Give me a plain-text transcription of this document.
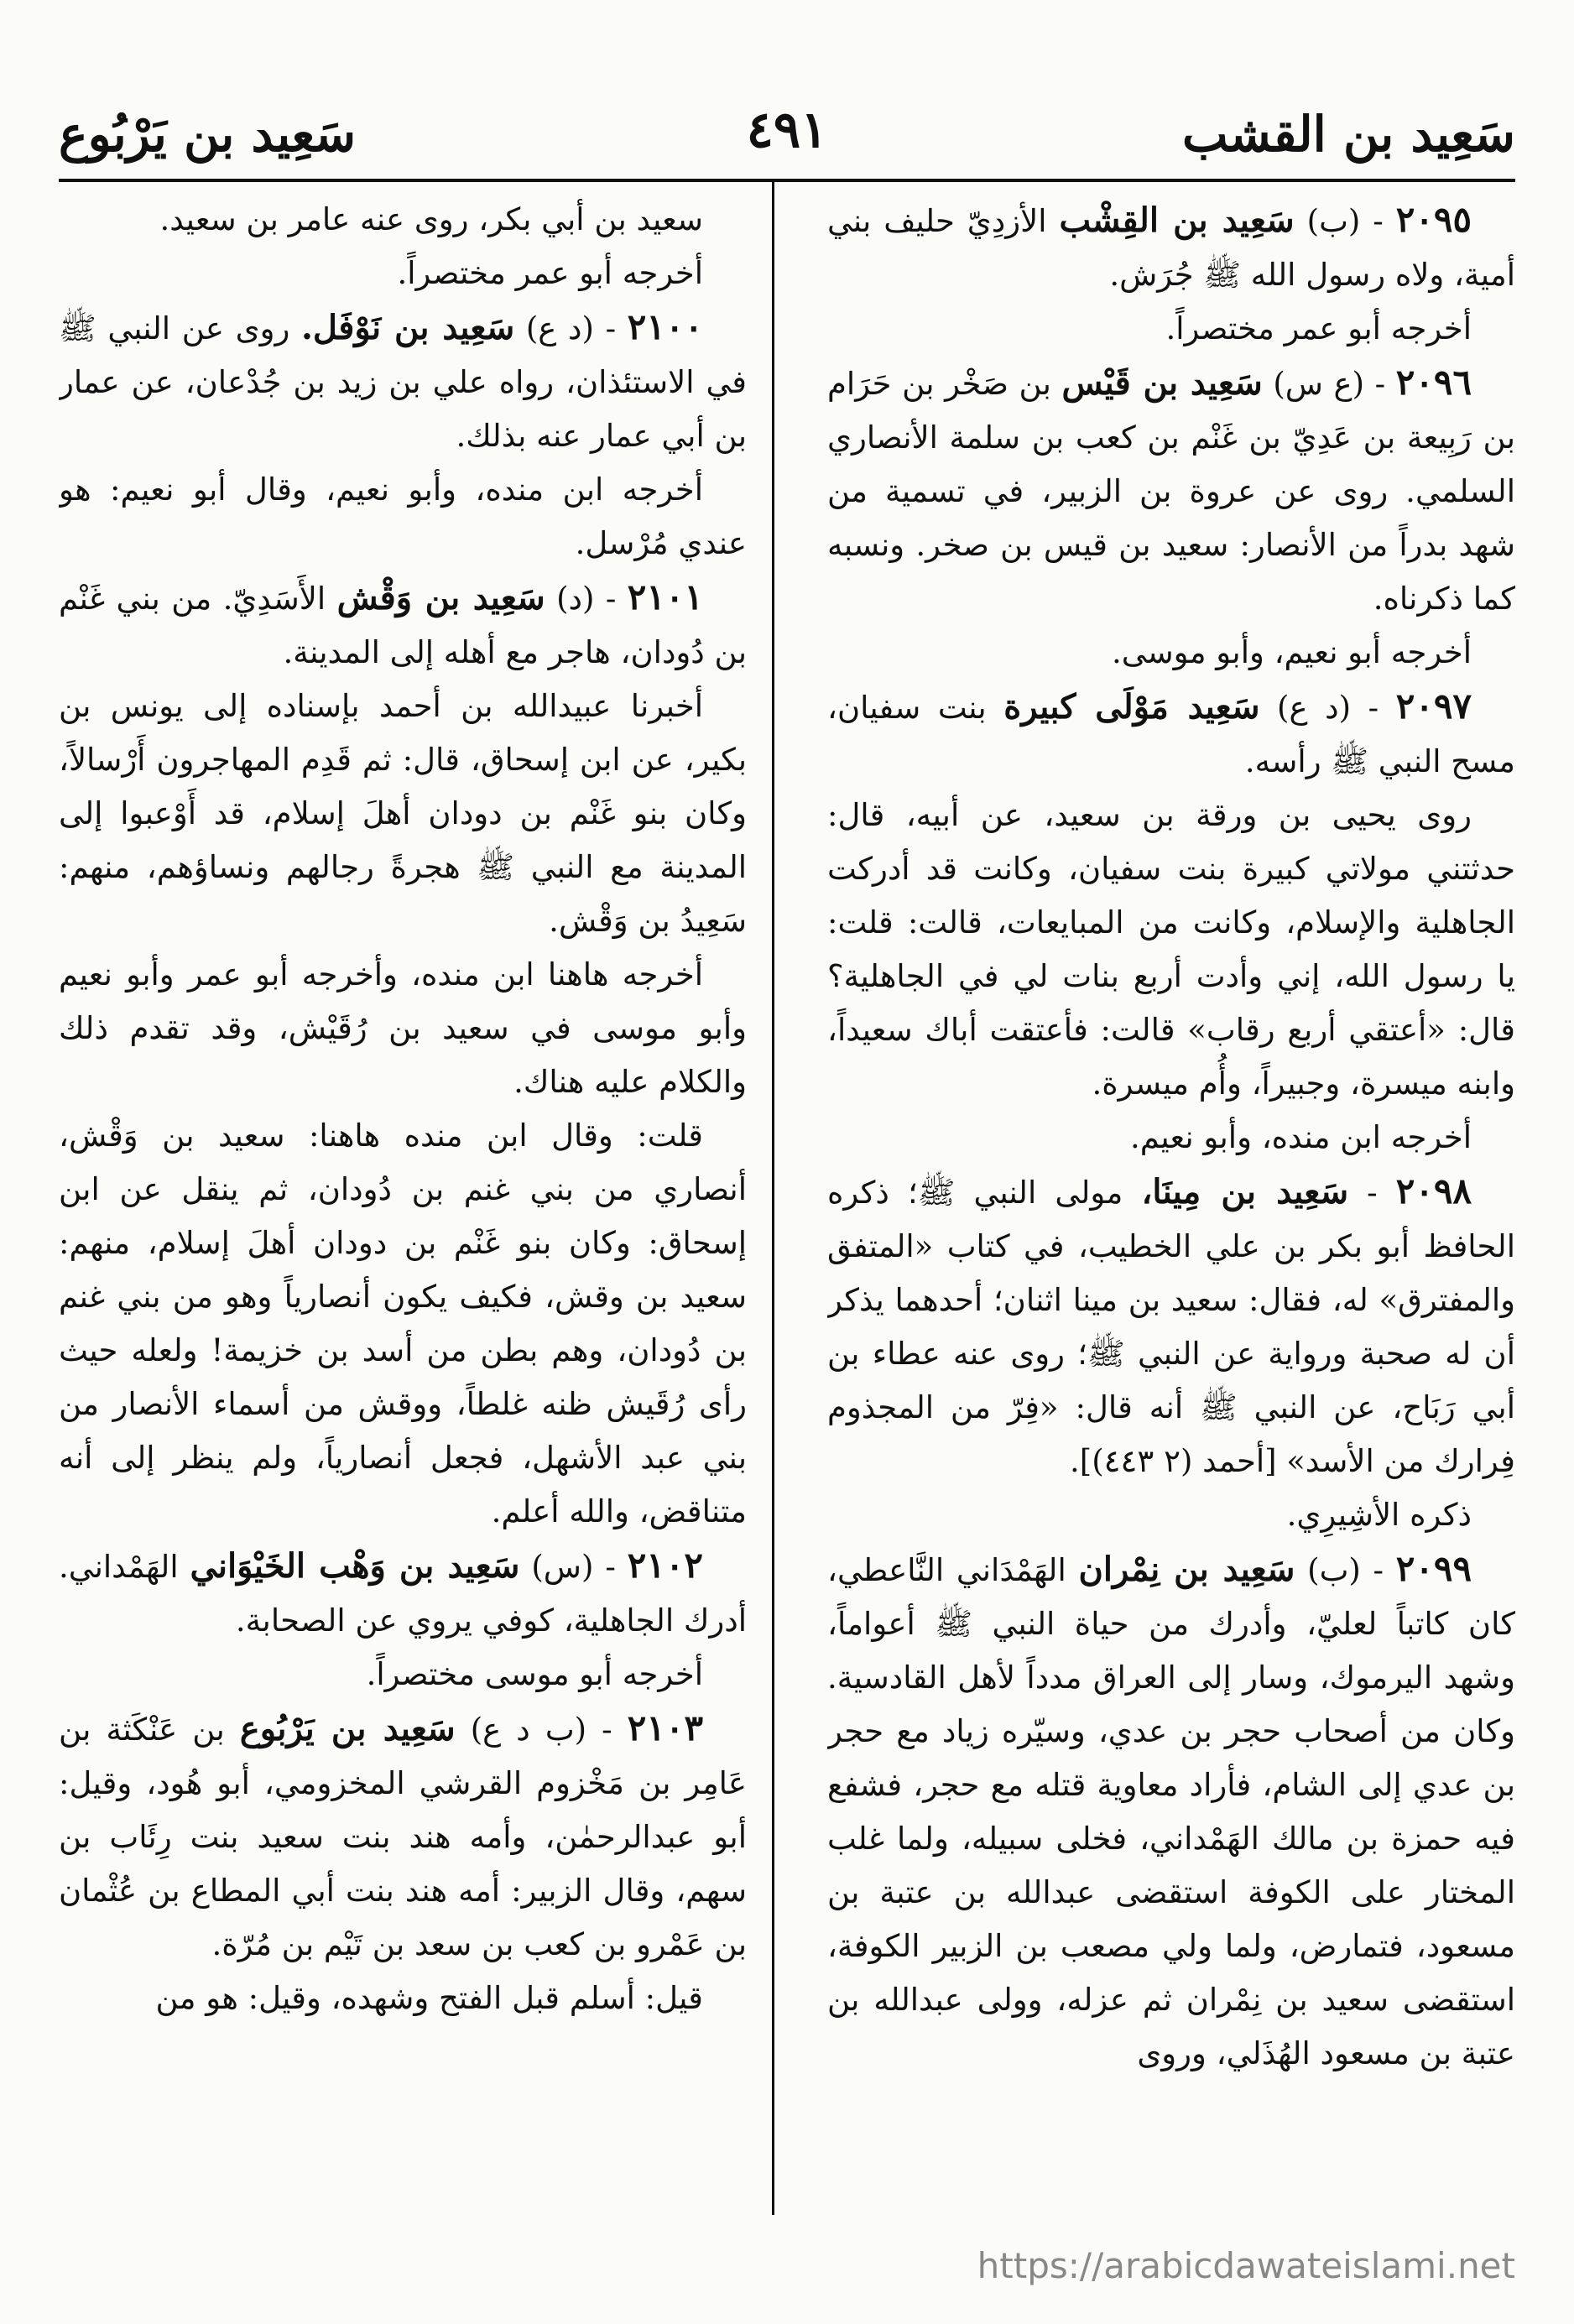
سَعِيد بن القشب
٤٩١
سَعِيد بن يَرْبُوع

٢٠٩٥ - (ب) سَعِيد بن القِشْب الأزدِيّ حليف بني أمية، ولاه رسول الله ﷺ جُرَش.

أخرجه أبو عمر مختصراً.

٢٠٩٦ - (ع س) سَعِيد بن قَيْس بن صَخْر بن حَرَام بن رَبِيعة بن عَدِيّ بن غَنْم بن كعب بن سلمة الأنصاري السلمي. روى عن عروة بن الزبير، في تسمية من شهد بدراً من الأنصار: سعيد بن قيس بن صخر. ونسبه كما ذكرناه.

أخرجه أبو نعيم، وأبو موسى.

٢٠٩٧ - (د ع) سَعِيد مَوْلَى كبيرة بنت سفيان، مسح النبي ﷺ رأسه.

روى يحيى بن ورقة بن سعيد، عن أبيه، قال: حدثتني مولاتي كبيرة بنت سفيان، وكانت قد أدركت الجاهلية والإسلام، وكانت من المبايعات، قالت: قلت: يا رسول الله، إني وأدت أربع بنات لي في الجاهلية؟ قال: «أعتقي أربع رقاب» قالت: فأعتقت أباك سعيداً، وابنه ميسرة، وجبيراً، وأُم ميسرة.

أخرجه ابن منده، وأبو نعيم.

٢٠٩٨ - سَعِيد بن مِينَا، مولى النبي ﷺ؛ ذكره الحافظ أبو بكر بن علي الخطيب، في كتاب «المتفق والمفترق» له، فقال: سعيد بن مينا اثنان؛ أحدهما يذكر أن له صحبة ورواية عن النبي ﷺ؛ روى عنه عطاء بن أبي رَبَاح، عن النبي ﷺ أنه قال: «فِرّ من المجذوم فِرارك من الأسد» [أحمد (٢ ٤٤٣)].

ذكره الأشِيرِي.

٢٠٩٩ - (ب) سَعِيد بن نِمْران الهَمْدَاني النَّاعطي، كان كاتباً لعليّ، وأدرك من حياة النبي ﷺ أعواماً، وشهد اليرموك، وسار إلى العراق مدداً لأهل القادسية. وكان من أصحاب حجر بن عدي، وسيّره زياد مع حجر بن عدي إلى الشام، فأراد معاوية قتله مع حجر، فشفع فيه حمزة بن مالك الهَمْداني، فخلى سبيله، ولما غلب المختار على الكوفة استقضى عبدالله بن عتبة بن مسعود، فتمارض، ولما ولي مصعب بن الزبير الكوفة، استقضى سعيد بن نِمْران ثم عزله، وولى عبدالله بن عتبة بن مسعود الهُذَلي، وروى

سعيد بن أبي بكر، روى عنه عامر بن سعيد.

أخرجه أبو عمر مختصراً.

٢١٠٠ - (د ع) سَعِيد بن نَوْفَل. روى عن النبي ﷺ في الاستئذان، رواه علي بن زيد بن جُدْعان، عن عمار بن أبي عمار عنه بذلك.

أخرجه ابن منده، وأبو نعيم، وقال أبو نعيم: هو عندي مُرْسل.

٢١٠١ - (د) سَعِيد بن وَقْش الأَسَدِيّ. من بني غَنْم بن دُودان، هاجر مع أهله إلى المدينة.

أخبرنا عبيدالله بن أحمد بإسناده إلى يونس بن بكير، عن ابن إسحاق، قال: ثم قَدِم المهاجرون أَرْسالاً، وكان بنو غَنْم بن دودان أهلَ إسلام، قد أَوْعبوا إلى المدينة مع النبي ﷺ هجرةً رجالهم ونساؤهم، منهم: سَعِيدُ بن وَقْش.

أخرجه هاهنا ابن منده، وأخرجه أبو عمر وأبو نعيم وأبو موسى في سعيد بن رُقَيْش، وقد تقدم ذلك والكلام عليه هناك.

قلت: وقال ابن منده هاهنا: سعيد بن وَقْش، أنصاري من بني غنم بن دُودان، ثم ينقل عن ابن إسحاق: وكان بنو غَنْم بن دودان أهلَ إسلام، منهم: سعيد بن وقش، فكيف يكون أنصارياً وهو من بني غنم بن دُودان، وهم بطن من أسد بن خزيمة! ولعله حيث رأى رُقَيش ظنه غلطاً، ووقش من أسماء الأنصار من بني عبد الأشهل، فجعل أنصارياً، ولم ينظر إلى أنه متناقض، والله أعلم.

٢١٠٢ - (س) سَعِيد بن وَهْب الخَيْوَاني الهَمْداني. أدرك الجاهلية، كوفي يروي عن الصحابة.

أخرجه أبو موسى مختصراً.

٢١٠٣ - (ب د ع) سَعِيد بن يَرْبُوع بن عَنْكَثة بن عَامِر بن مَخْزوم القرشي المخزومي، أبو هُود، وقيل: أبو عبدالرحمٰن، وأمه هند بنت سعيد بنت رِئَاب بن سهم، وقال الزبير: أمه هند بنت أبي المطاع بن عُثْمان بن عَمْرو بن كعب بن سعد بن تَيْم بن مُرّة.

قيل: أسلم قبل الفتح وشهده، وقيل: هو من

https://arabicdawateislami.net
